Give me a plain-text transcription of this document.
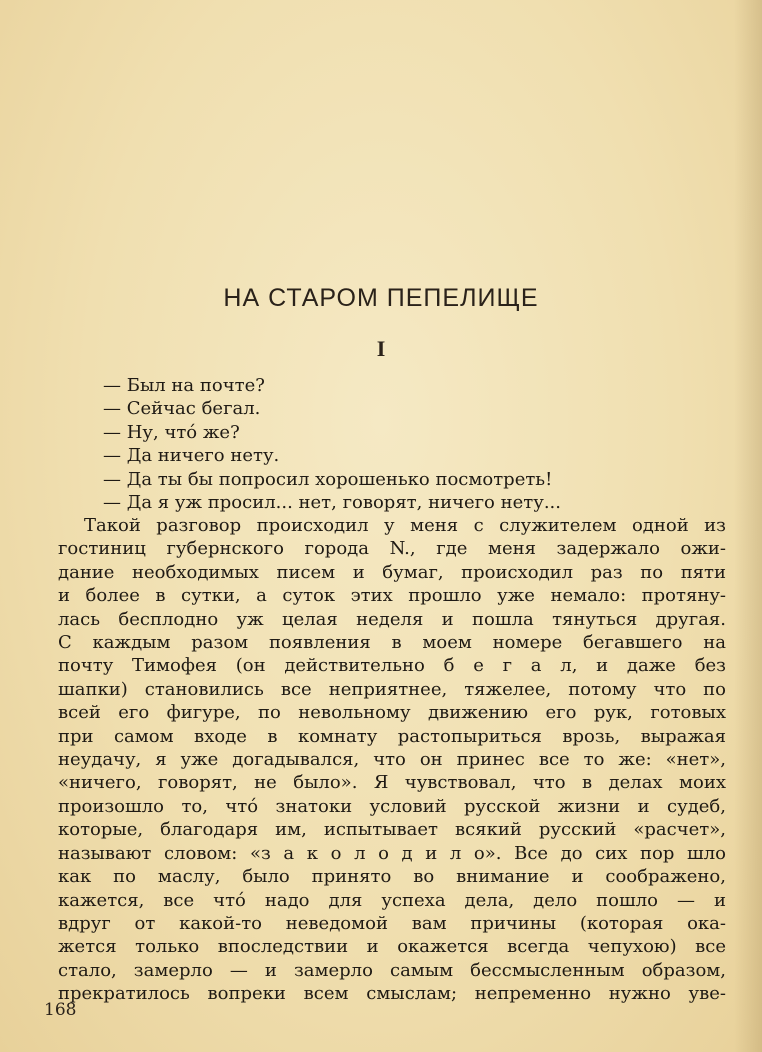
НА СТАРОМ ПЕПЕЛИЩЕ
I
— Был на почте?
— Сейчас бегал.
— Ну, чтó же?
— Да ничего нету.
— Да ты бы попросил хорошенько посмотреть!
— Да я уж просил... нет, говорят, ничего нету...
Такой разговор происходил у меня с служителем одной из
гостиниц губернского города N., где меня задержало ожи-
дание необходимых писем и бумаг, происходил раз по пяти
и более в сутки, а суток этих прошло уже немало: протяну-
лась бесплодно уж целая неделя и пошла тянуться другая.
С каждым разом появления в моем номере бегавшего на
почту Тимофея (он действительно б е г а л, и даже без
шапки) становились все неприятнее, тяжелее, потому что по
всей его фигуре, по невольному движению его рук, готовых
при самом входе в комнату растопыриться врозь, выражая
неудачу, я уже догадывался, что он принес все то же: «нет»,
«ничего, говорят, не было». Я чувствовал, что в делах моих
произошло то, чтó знатоки условий русской жизни и судеб,
которые, благодаря им, испытывает всякий русский «расчет»,
называют словом: «з а к о л о д и л о». Все до сих пор шло
как по маслу, было принято во внимание и соображено,
кажется, все чтó надо для успеха дела, дело пошло — и
вдруг от какой-то неведомой вам причины (которая ока-
жется только впоследствии и окажется всегда чепухою) все
стало, замерло — и замерло самым бессмысленным образом,
прекратилось вопреки всем смыслам; непременно нужно уве-
168
